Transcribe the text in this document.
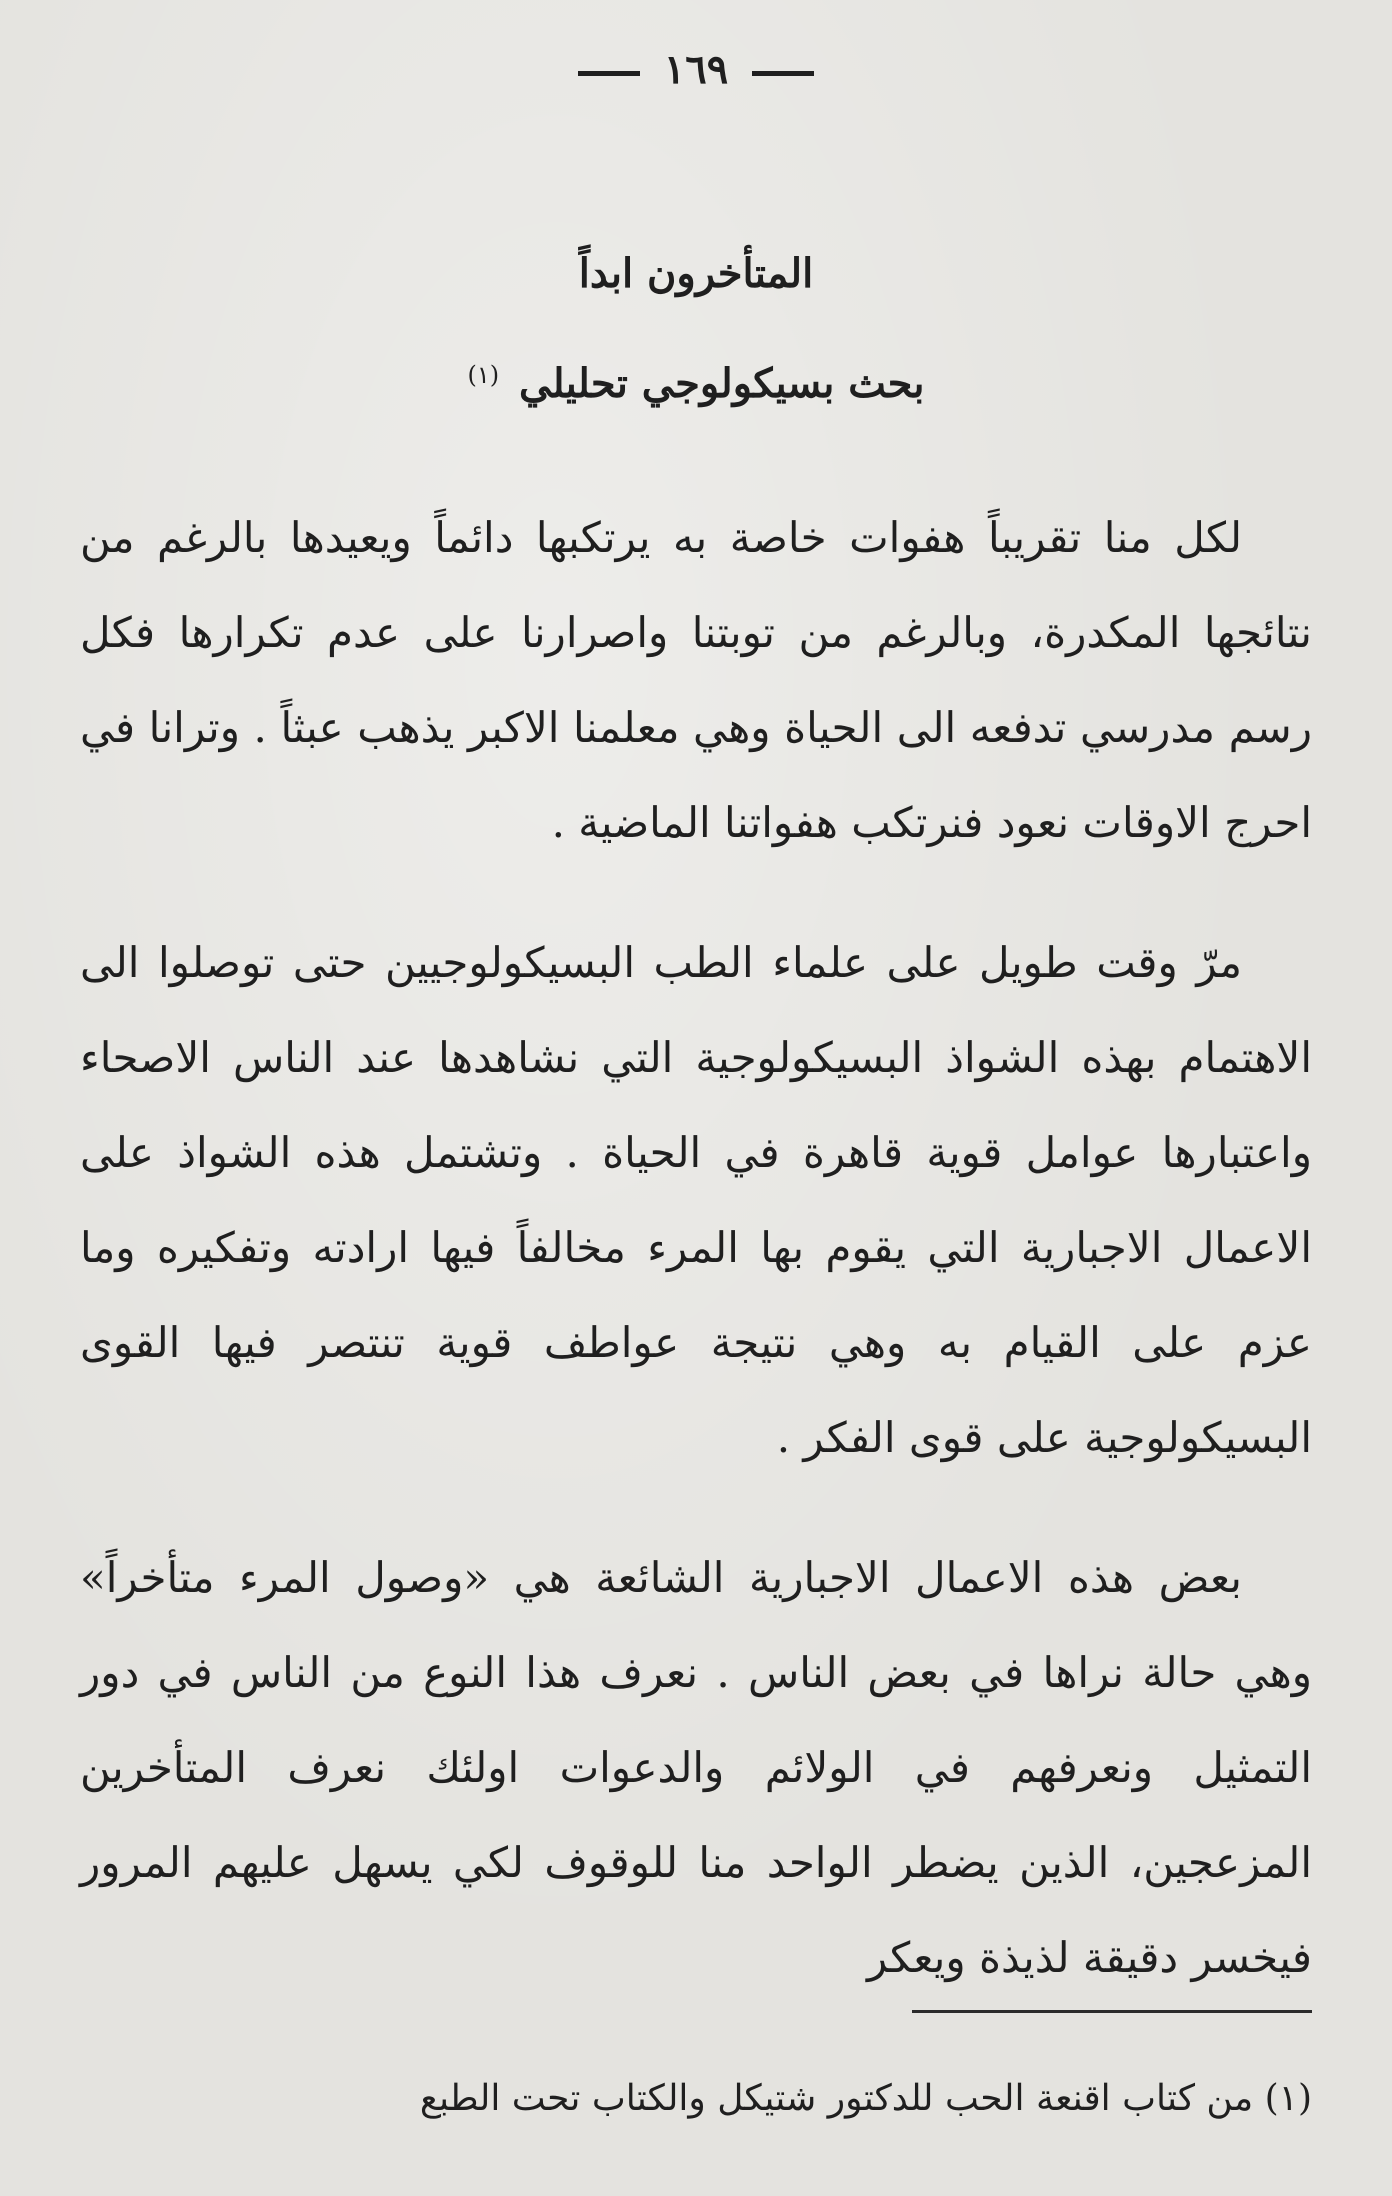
١٦٩
المتأخرون ابداً
بحث بسيكولوجي تحليلي $^{(١)}$
لكل منا تقريباً هفوات خاصة به يرتكبها دائماً ويعيدها بالرغم من نتائجها المكدرة، وبالرغم من توبتنا واصرارنا على عدم تكرارها فكل رسم مدرسي تدفعه الى الحياة وهي معلمنا الاكبر يذهب عبثاً . وترانا في احرج الاوقات نعود فنرتكب هفواتنا الماضية .
مرّ وقت طويل على علماء الطب البسيكولوجيين حتى توصلوا الى الاهتمام بهذه الشواذ البسيكولوجية التي نشاهدها عند الناس الاصحاء واعتبارها عوامل قوية قاهرة في الحياة . وتشتمل هذه الشواذ على الاعمال الاجبارية التي يقوم بها المرء مخالفاً فيها ارادته وتفكيره وما عزم على القيام به وهي نتيجة عواطف قوية تنتصر فيها القوى البسيكولوجية على قوى الفكر .
بعض هذه الاعمال الاجبارية الشائعة هي «وصول المرء متأخراً» وهي حالة نراها في بعض الناس . نعرف هذا النوع من الناس في دور التمثيل ونعرفهم في الولائم والدعوات اولئك نعرف المتأخرين المزعجين، الذين يضطر الواحد منا للوقوف لكي يسهل عليهم المرور فيخسر دقيقة لذيذة ويعكر
(١) من كتاب اقنعة الحب للدكتور شتيكل والكتاب تحت الطبع
